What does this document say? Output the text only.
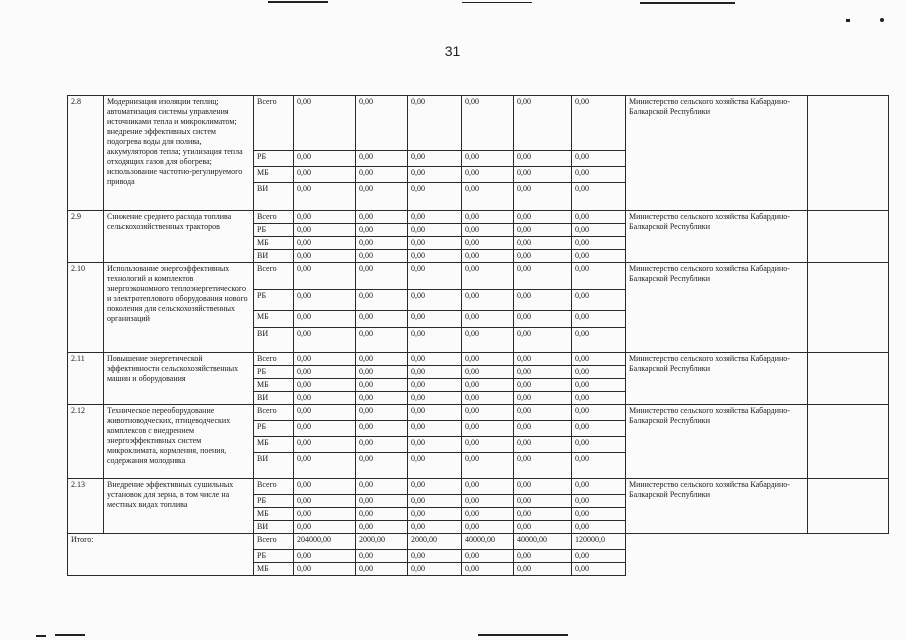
31
2.8	Модернизация изоляции теплиц; автоматизация системы управления источниками тепла и микроклиматом; внедрение эффективных систем подогрева воды для полива, аккумуляторов тепла; утилизация тепла отходящих газов для обогрева; использование частотно-регулируемого привода	Всего	0,00	0,00	0,00	0,00	0,00	0,00	Министерство сельского хозяйства Кабардино-Балкарской Республики	
		РБ	0,00	0,00	0,00	0,00	0,00	0,00		
		МБ	0,00	0,00	0,00	0,00	0,00	0,00		
		ВИ	0,00	0,00	0,00	0,00	0,00	0,00		
2.9	Снижение среднего расхода топлива сельскохозяйственных тракторов	Всего	0,00	0,00	0,00	0,00	0,00	0,00	Министерство сельского хозяйства Кабардино-Балкарской Республики	
		РБ	0,00	0,00	0,00	0,00	0,00	0,00		
		МБ	0,00	0,00	0,00	0,00	0,00	0,00		
		ВИ	0,00	0,00	0,00	0,00	0,00	0,00		
2.10	Использование энергоэффективных технологий и комплектов энергоэкономного теплоэнергетического и электротеплового оборудования нового поколения для сельскохозяйственных организаций	Всего	0,00	0,00	0,00	0,00	0,00	0,00	Министерство сельского хозяйства Кабардино-Балкарской Республики	
		РБ	0,00	0,00	0,00	0,00	0,00	0,00		
		МБ	0,00	0,00	0,00	0,00	0,00	0,00		
		ВИ	0,00	0,00	0,00	0,00	0,00	0,00		
2.11	Повышение энергетической эффективности сельскохозяйственных машин и оборудования	Всего	0,00	0,00	0,00	0,00	0,00	0,00	Министерство сельского хозяйства Кабардино-Балкарской Республики	
		РБ	0,00	0,00	0,00	0,00	0,00	0,00		
		МБ	0,00	0,00	0,00	0,00	0,00	0,00		
		ВИ	0,00	0,00	0,00	0,00	0,00	0,00		
2.12	Техническое переоборудование животноводческих, птицеводческих комплексов с внедрением энергоэффективных систем микроклимата, кормления, поения, содержания молодняка	Всего	0,00	0,00	0,00	0,00	0,00	0,00	Министерство сельского хозяйства Кабардино-Балкарской Республики	
		РБ	0,00	0,00	0,00	0,00	0,00	0,00		
		МБ	0,00	0,00	0,00	0,00	0,00	0,00		
		ВИ	0,00	0,00	0,00	0,00	0,00	0,00		
2.13	Внедрение эффективных сушильных установок для зерна, в том числе на местных видах топлива	Всего	0,00	0,00	0,00	0,00	0,00	0,00	Министерство сельского хозяйства Кабардино-Балкарской Республики	
		РБ	0,00	0,00	0,00	0,00	0,00	0,00		
		МБ	0,00	0,00	0,00	0,00	0,00	0,00		
		ВИ	0,00	0,00	0,00	0,00	0,00	0,00		
Итого:		Всего	204000,00	2000,00	2000,00	40000,00	40000,00	120000,0		
		РБ	0,00	0,00	0,00	0,00	0,00	0,00		
		МБ	0,00	0,00	0,00	0,00	0,00	0,00		
